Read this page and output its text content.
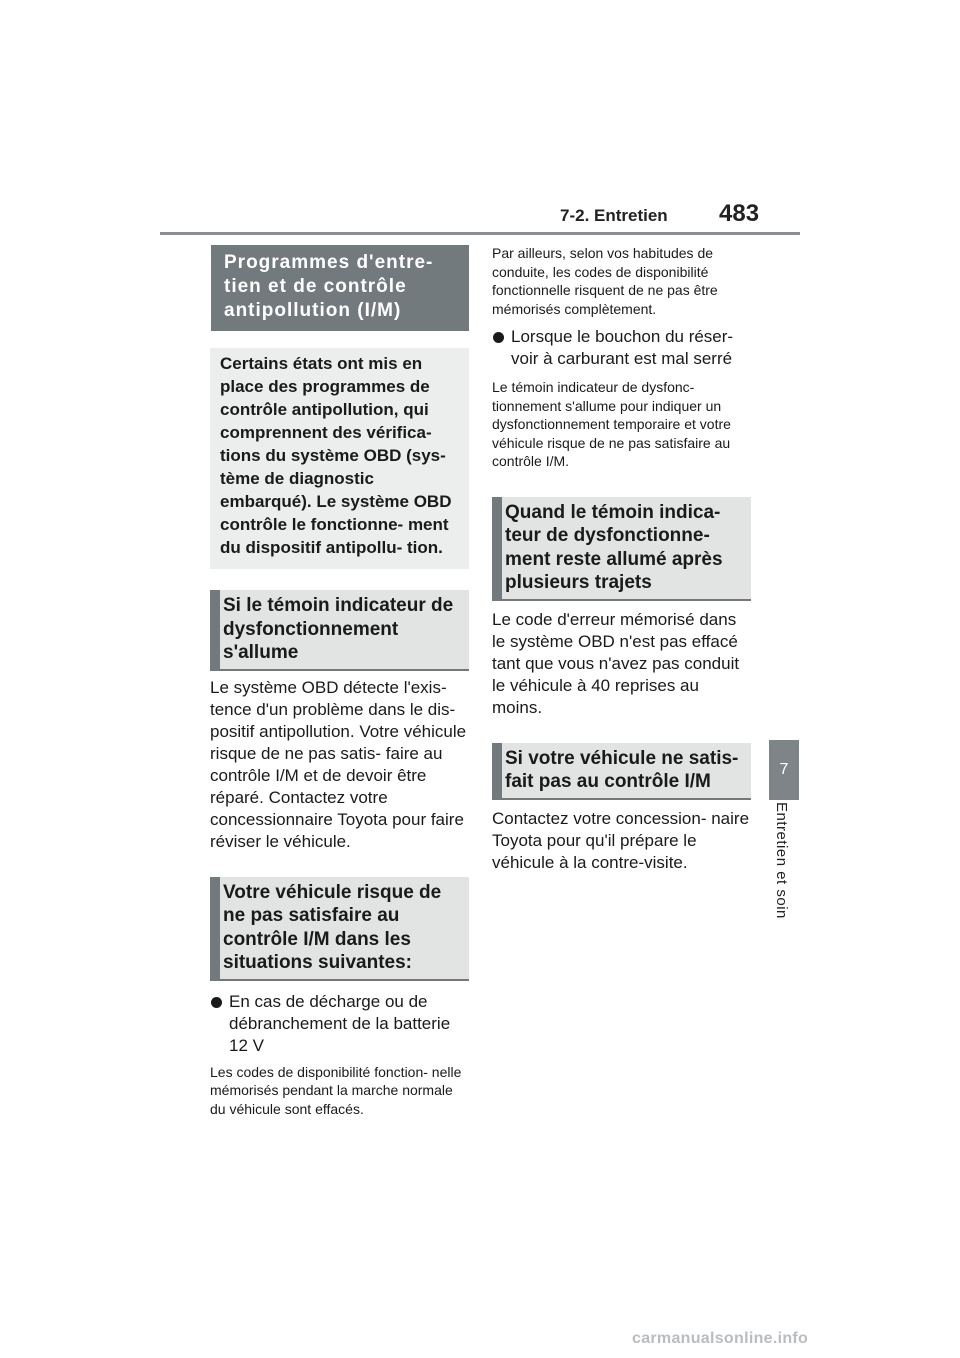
7-2. Entretien 483
7
Entretien et soin
Programmes d'entre- tien et de contrôle antipollution (I/M)
Certains états ont mis en place des programmes de contrôle antipollution, qui comprennent des vérifica- tions du système OBD (sys- tème de diagnostic embarqué). Le système OBD contrôle le fonctionne- ment du dispositif antipollu- tion.
Si le témoin indicateur de dysfonctionnement s'allume

Le système OBD détecte l'exis- tence d'un problème dans le dis- positif antipollution. Votre véhicule risque de ne pas satis- faire au contrôle I/M et de devoir être réparé. Contactez votre concessionnaire Toyota pour faire réviser le véhicule.

Votre véhicule risque de ne pas satisfaire au contrôle I/M dans les situations suivantes:
En cas de décharge ou de débranchement de la batterie 12 V

Les codes de disponibilité fonction- nelle mémorisés pendant la marche normale du véhicule sont effacés.

Par ailleurs, selon vos habitudes de conduite, les codes de disponibilité fonctionnelle risquent de ne pas être mémorisés complètement.

Lorsque le bouchon du réser- voir à carburant est mal serré

Le témoin indicateur de dysfonc- tionnement s'allume pour indiquer un dysfonctionnement temporaire et votre véhicule risque de ne pas satisfaire au contrôle I/M.

Quand le témoin indica- teur de dysfonctionne- ment reste allumé après plusieurs trajets

Le code d'erreur mémorisé dans le système OBD n'est pas effacé tant que vous n'avez pas conduit le véhicule à 40 reprises au moins.

Si votre véhicule ne satis- fait pas au contrôle I/M

Contactez votre concession- naire Toyota pour qu'il prépare le véhicule à la contre-visite.

carmanualsonline.info
